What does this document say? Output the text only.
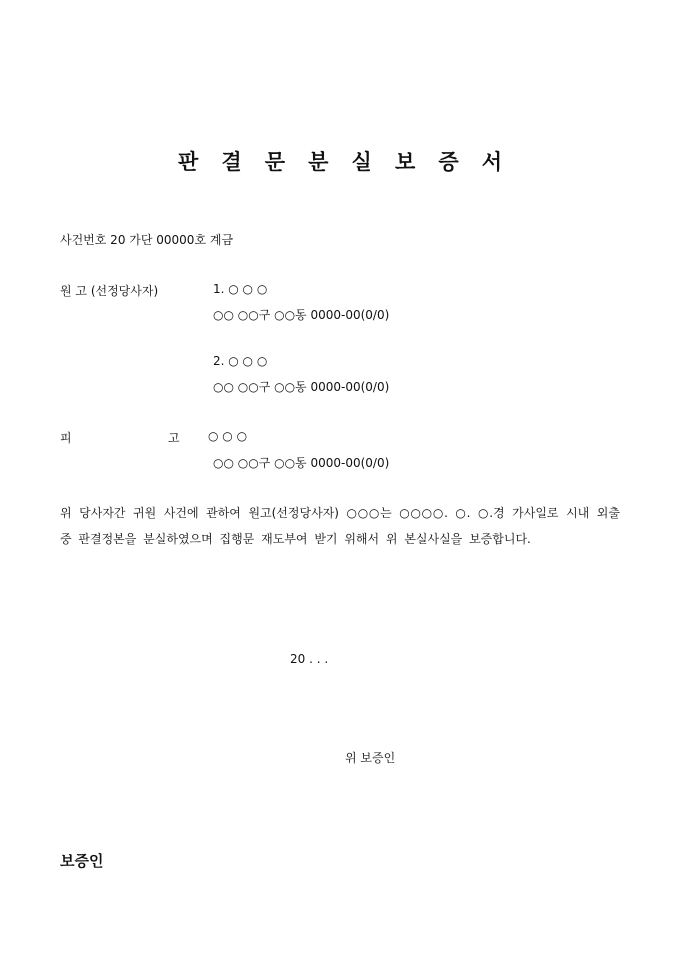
판 결 문 분 실 보 증 서
사건번호 20 가단 00000호 계금
원 고 (선정당사자)	1. ○ ○ ○
○○ ○○구 ○○동 0000-00(0/0)
2. ○ ○ ○
○○ ○○구 ○○동 0000-00(0/0)
피	고 ○ ○ ○
○○ ○○구 ○○동 0000-00(0/0)
위 당사자간 귀원 사건에 관하여 원고(선정당사자) ○○○는 ○○○○. ○. ○.경 가사일로 시내 외출 중 판결정본을 분실하였으며 집행문 재도부여 받기 위해서 위 본실사실을 보증합니다.
20 . . .
위 보증인
보증인
